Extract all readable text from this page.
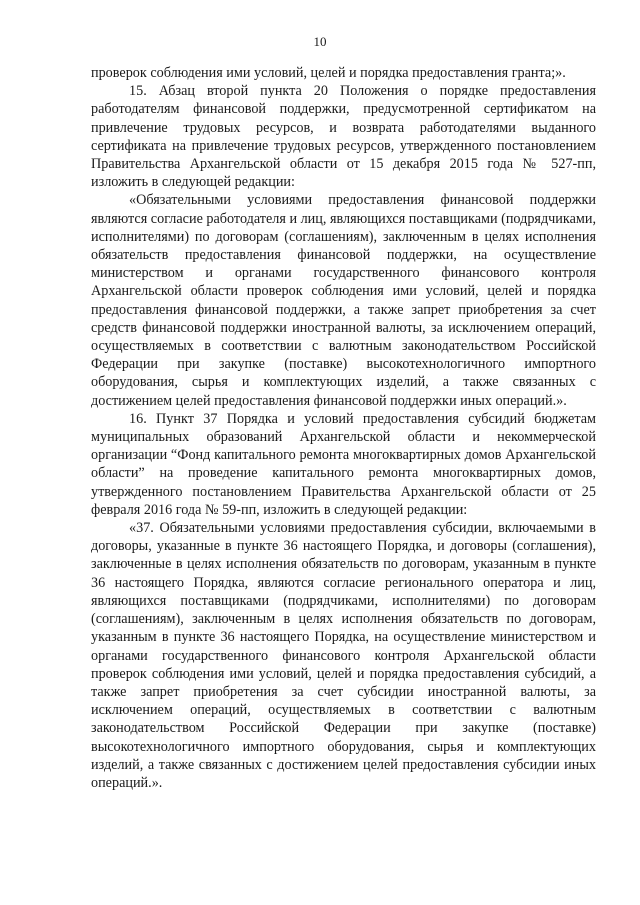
10

проверок соблюдения ими условий, целей и порядка предоставления гранта;».

15. Абзац второй пункта 20 Положения о порядке предоставления работодателям финансовой поддержки, предусмотренной сертификатом на привлечение трудовых ресурсов, и возврата работодателями выданного сертификата на привлечение трудовых ресурсов, утвержденного постановлением Правительства Архангельской области от 15 декабря 2015 года № 527-пп, изложить в следующей редакции:

«Обязательными условиями предоставления финансовой поддержки являются согласие работодателя и лиц, являющихся поставщиками (подрядчиками, исполнителями) по договорам (соглашениям), заключенным в целях исполнения обязательств предоставления финансовой поддержки, на осуществление министерством и органами государственного финансового контроля Архангельской области проверок соблюдения ими условий, целей и порядка предоставления финансовой поддержки, а также запрет приобретения за счет средств финансовой поддержки иностранной валюты, за исключением операций, осуществляемых в соответствии с валютным законодательством Российской Федерации при закупке (поставке) высокотехнологичного импортного оборудования, сырья и комплектующих изделий, а также связанных с достижением целей предоставления финансовой поддержки иных операций.».

16. Пункт 37 Порядка и условий предоставления субсидий бюджетам муниципальных образований Архангельской области и некоммерческой организации “Фонд капитального ремонта многоквартирных домов Архангельской области” на проведение капитального ремонта многоквартирных домов, утвержденного постановлением Правительства Архангельской области от 25 февраля 2016 года № 59-пп, изложить в следующей редакции:

«37. Обязательными условиями предоставления субсидии, включаемыми в договоры, указанные в пункте 36 настоящего Порядка, и договоры (соглашения), заключенные в целях исполнения обязательств по договорам, указанным в пункте 36 настоящего Порядка, являются согласие регионального оператора и лиц, являющихся поставщиками (подрядчиками, исполнителями) по договорам (соглашениям), заключенным в целях исполнения обязательств по договорам, указанным в пункте 36 настоящего Порядка, на осуществление министерством и органами государственного финансового контроля Архангельской области проверок соблюдения ими условий, целей и порядка предоставления субсидий, а также запрет приобретения за счет субсидии иностранной валюты, за исключением операций, осуществляемых в соответствии с валютным законодательством Российской Федерации при закупке (поставке) высокотехнологичного импортного оборудования, сырья и комплектующих изделий, а также связанных с достижением целей предоставления субсидии иных операций.».
